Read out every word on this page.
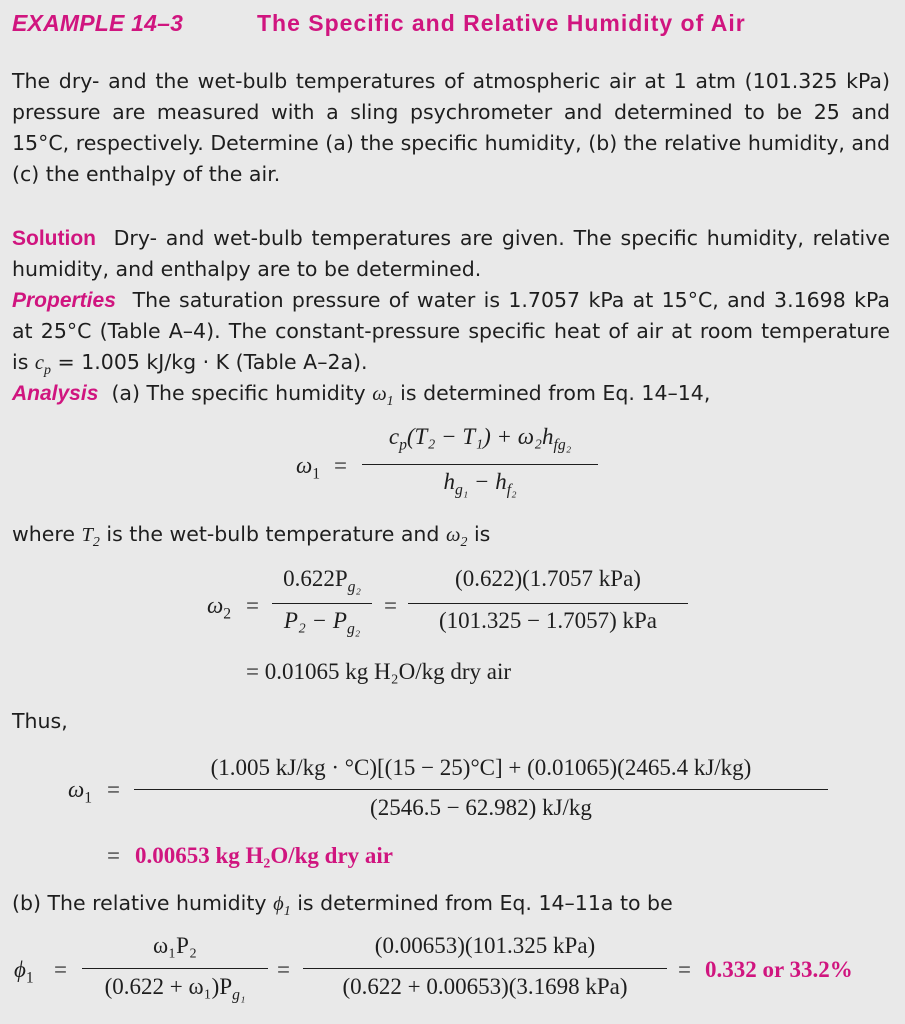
EXAMPLE 14–3	The Specific and Relative Humidity of Air
The dry- and the wet-bulb temperatures of atmospheric air at 1 atm (101.325 kPa) pressure are measured with a sling psychrometer and determined to be 25 and 15°C, respectively. Determine (a) the specific humidity, (b) the relative humidity, and (c) the enthalpy of the air.
Solution Dry- and wet-bulb temperatures are given. The specific humidity, relative humidity, and enthalpy are to be determined.
Properties The saturation pressure of water is 1.7057 kPa at 15°C, and 3.1698 kPa at 25°C (Table A–4). The constant-pressure specific heat of air at room temperature is $c_p = 1.005$ kJ/kg · K (Table A–2a).
Analysis (a) The specific humidity $\omega_1$ is determined from Eq. 14–14,
$\omega_1$ =
$c_p(T_2 - T_1) + \omega_2h_{fg_2}$
$h_{g_1} - h_{f_2}$
where $T_2$ is the wet-bulb temperature and $\omega_2$ is
$\omega_2$ =
$0.622P_{g_2}$
$P_2 - P_{g_2}$
=
(0.622)(1.7057 kPa)
(101.325 − 1.7057) kPa
= 0.01065 kg H₂O/kg dry air
Thus,
$\omega_1$ =
(1.005 kJ/kg · °C)[(15 − 25)°C] + (0.01065)(2465.4 kJ/kg)
(2546.5 − 62.982) kJ/kg
= 0.00653 kg H₂O/kg dry air
(b) The relative humidity $\phi_1$ is determined from Eq. 14–11a to be
$\phi_1$ =
ω₁P₂
$(0.622 + \omega_1)P_{g_1}$
=
(0.00653)(101.325 kPa)
(0.622 + 0.00653)(3.1698 kPa)
= 0.332 or 33.2%
